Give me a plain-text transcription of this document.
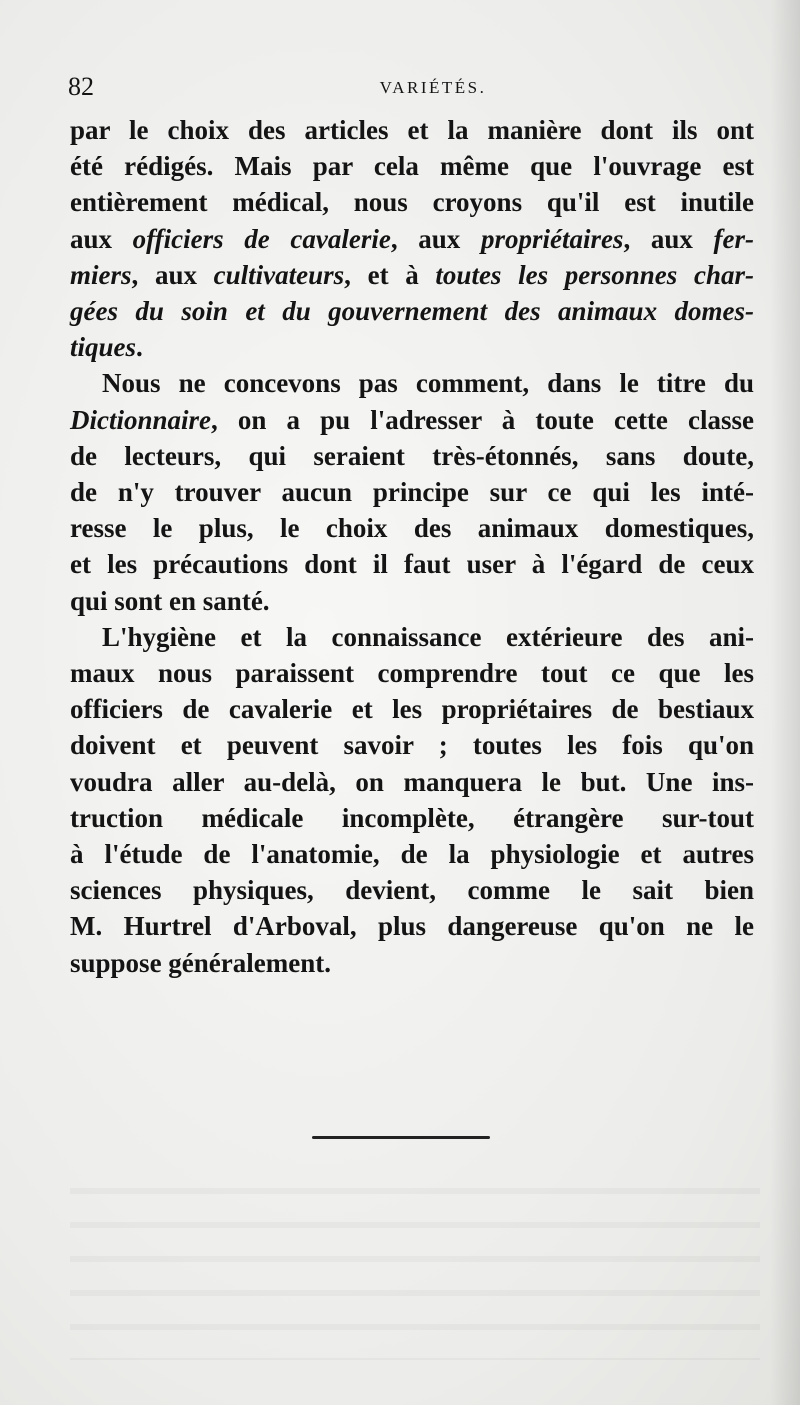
82	VARIÉTÉS.

par le choix des articles et la manière dont ils ont
été rédigés. Mais par cela même que l'ouvrage est
entièrement médical, nous croyons qu'il est inutile
aux officiers de cavalerie, aux propriétaires, aux fer-
miers, aux cultivateurs, et à toutes les personnes char-
gées du soin et du gouvernement des animaux domes-
tiques.

Nous ne concevons pas comment, dans le titre du
Dictionnaire, on a pu l'adresser à toute cette classe
de lecteurs, qui seraient très-étonnés, sans doute,
de n'y trouver aucun principe sur ce qui les inté-
resse le plus, le choix des animaux domestiques,
et les précautions dont il faut user à l'égard de ceux
qui sont en santé.

L'hygiène et la connaissance extérieure des ani-
maux nous paraissent comprendre tout ce que les
officiers de cavalerie et les propriétaires de bestiaux
doivent et peuvent savoir ; toutes les fois qu'on
voudra aller au-delà, on manquera le but. Une ins-
truction médicale incomplète, étrangère sur-tout
à l'étude de l'anatomie, de la physiologie et autres
sciences physiques, devient, comme le sait bien
M. Hurtrel d'Arboval, plus dangereuse qu'on ne le
suppose généralement.
